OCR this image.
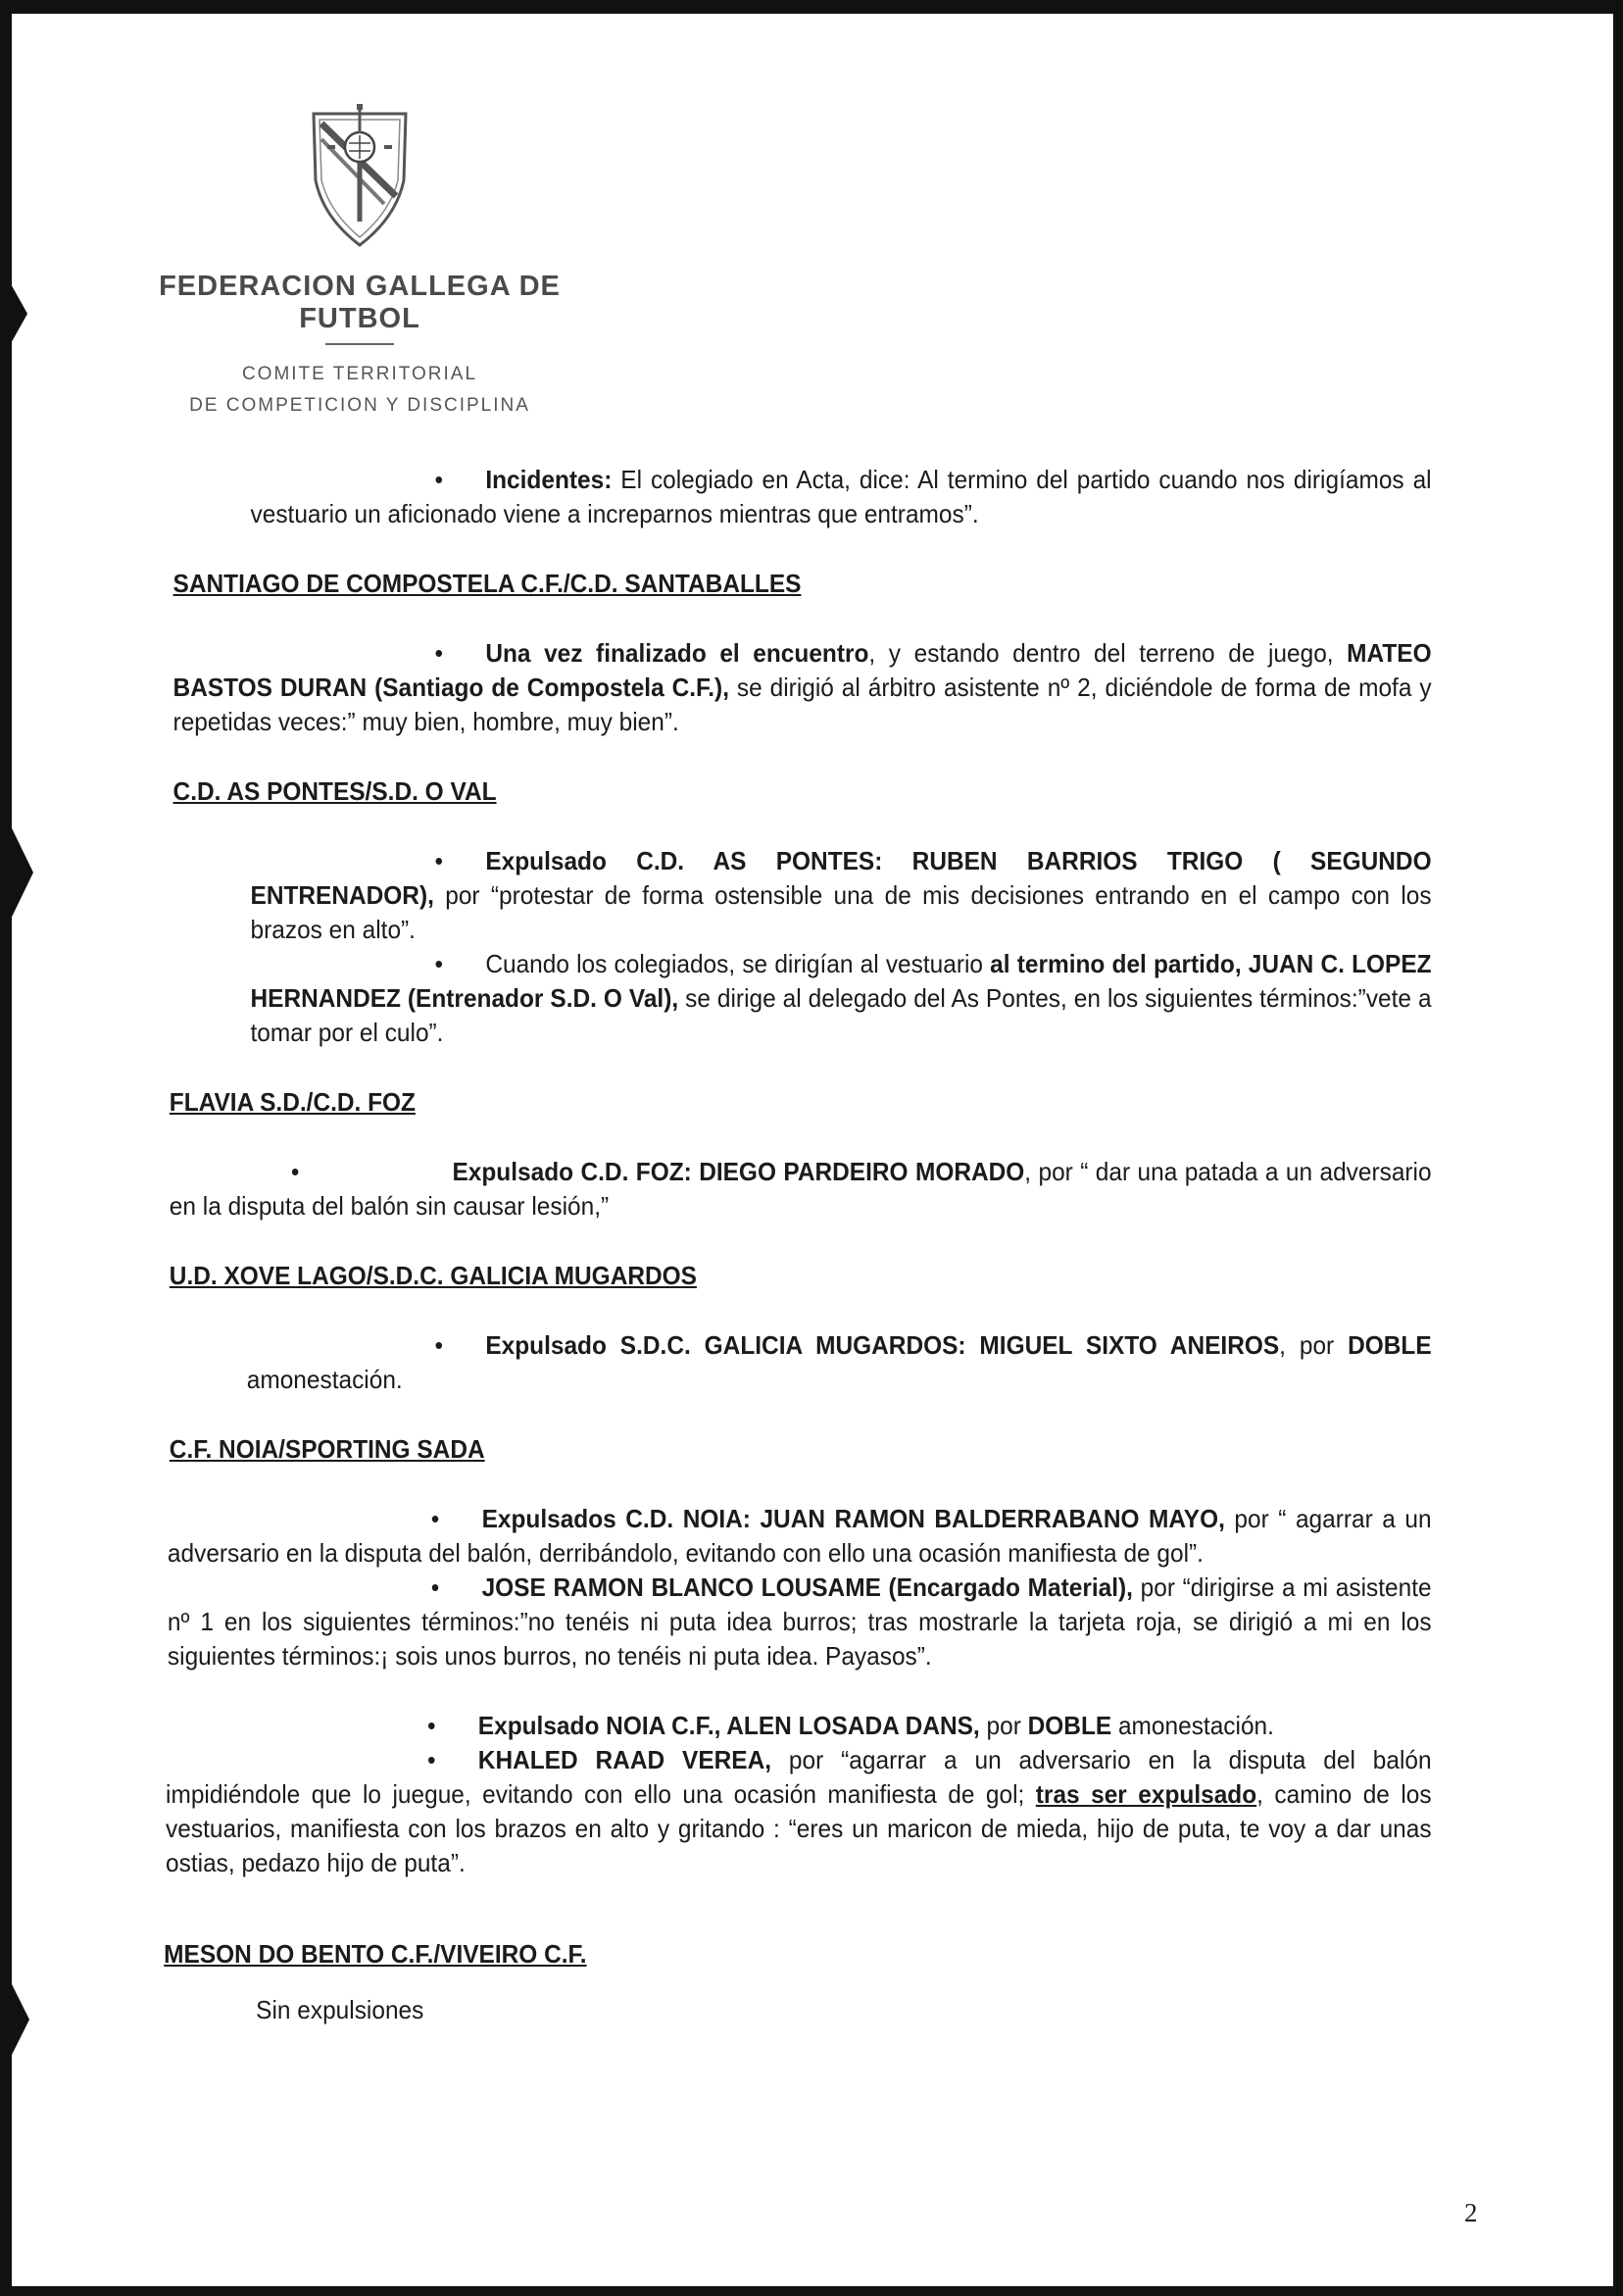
FEDERACION GALLEGA DE FUTBOL
COMITE TERRITORIAL
DE COMPETICION Y DISCIPLINA

• Incidentes: El colegiado en Acta, dice: Al termino del partido cuando nos dirigíamos al vestuario un aficionado viene a increparnos mientras que entramos”.

SANTIAGO DE COMPOSTELA C.F./C.D. SANTABALLES

• Una vez finalizado el encuentro, y estando dentro del terreno de juego, MATEO BASTOS DURAN (Santiago de Compostela C.F.), se dirigió al árbitro asistente nº 2, diciéndole de forma de mofa y repetidas veces:” muy bien, hombre, muy bien”.

C.D. AS PONTES/S.D. O VAL

• Expulsado C.D. AS PONTES: RUBEN BARRIOS TRIGO ( SEGUNDO ENTRENADOR), por “protestar de forma ostensible una de mis decisiones entrando en el campo con los brazos en alto”.

• Cuando los colegiados, se dirigían al vestuario al termino del partido, JUAN C. LOPEZ HERNANDEZ (Entrenador S.D. O Val), se dirige al delegado del As Pontes, en los siguientes términos:”vete a tomar por el culo”.

FLAVIA S.D./C.D. FOZ

•	Expulsado C.D. FOZ: DIEGO PARDEIRO MORADO, por “ dar una patada a un adversario en la disputa del balón sin causar lesión,”

U.D. XOVE LAGO/S.D.C. GALICIA MUGARDOS

• Expulsado S.D.C. GALICIA MUGARDOS: MIGUEL SIXTO ANEIROS, por DOBLE amonestación.

C.F. NOIA/SPORTING SADA

• Expulsados C.D. NOIA: JUAN RAMON BALDERRABANO MAYO, por “ agarrar a un adversario en la disputa del balón, derribándolo, evitando con ello una ocasión manifiesta de gol”.

• JOSE RAMON BLANCO LOUSAME (Encargado Material), por “dirigirse a mi asistente nº 1 en los siguientes términos:”no tenéis ni puta idea burros; tras mostrarle la tarjeta roja, se dirigió a mi en los siguientes términos:¡ sois unos burros, no tenéis ni puta idea. Payasos”.

• Expulsado NOIA C.F., ALEN LOSADA DANS, por DOBLE amonestación.

• KHALED RAAD VEREA, por “agarrar a un adversario en la disputa del balón impidiéndole que lo juegue, evitando con ello una ocasión manifiesta de gol; tras ser expulsado, camino de los vestuarios, manifiesta con los brazos en alto y gritando : “eres un maricon de mieda, hijo de puta, te voy a dar unas ostias, pedazo hijo de puta”.

MESON DO BENTO C.F./VIVEIRO C.F.

Sin expulsiones

2
